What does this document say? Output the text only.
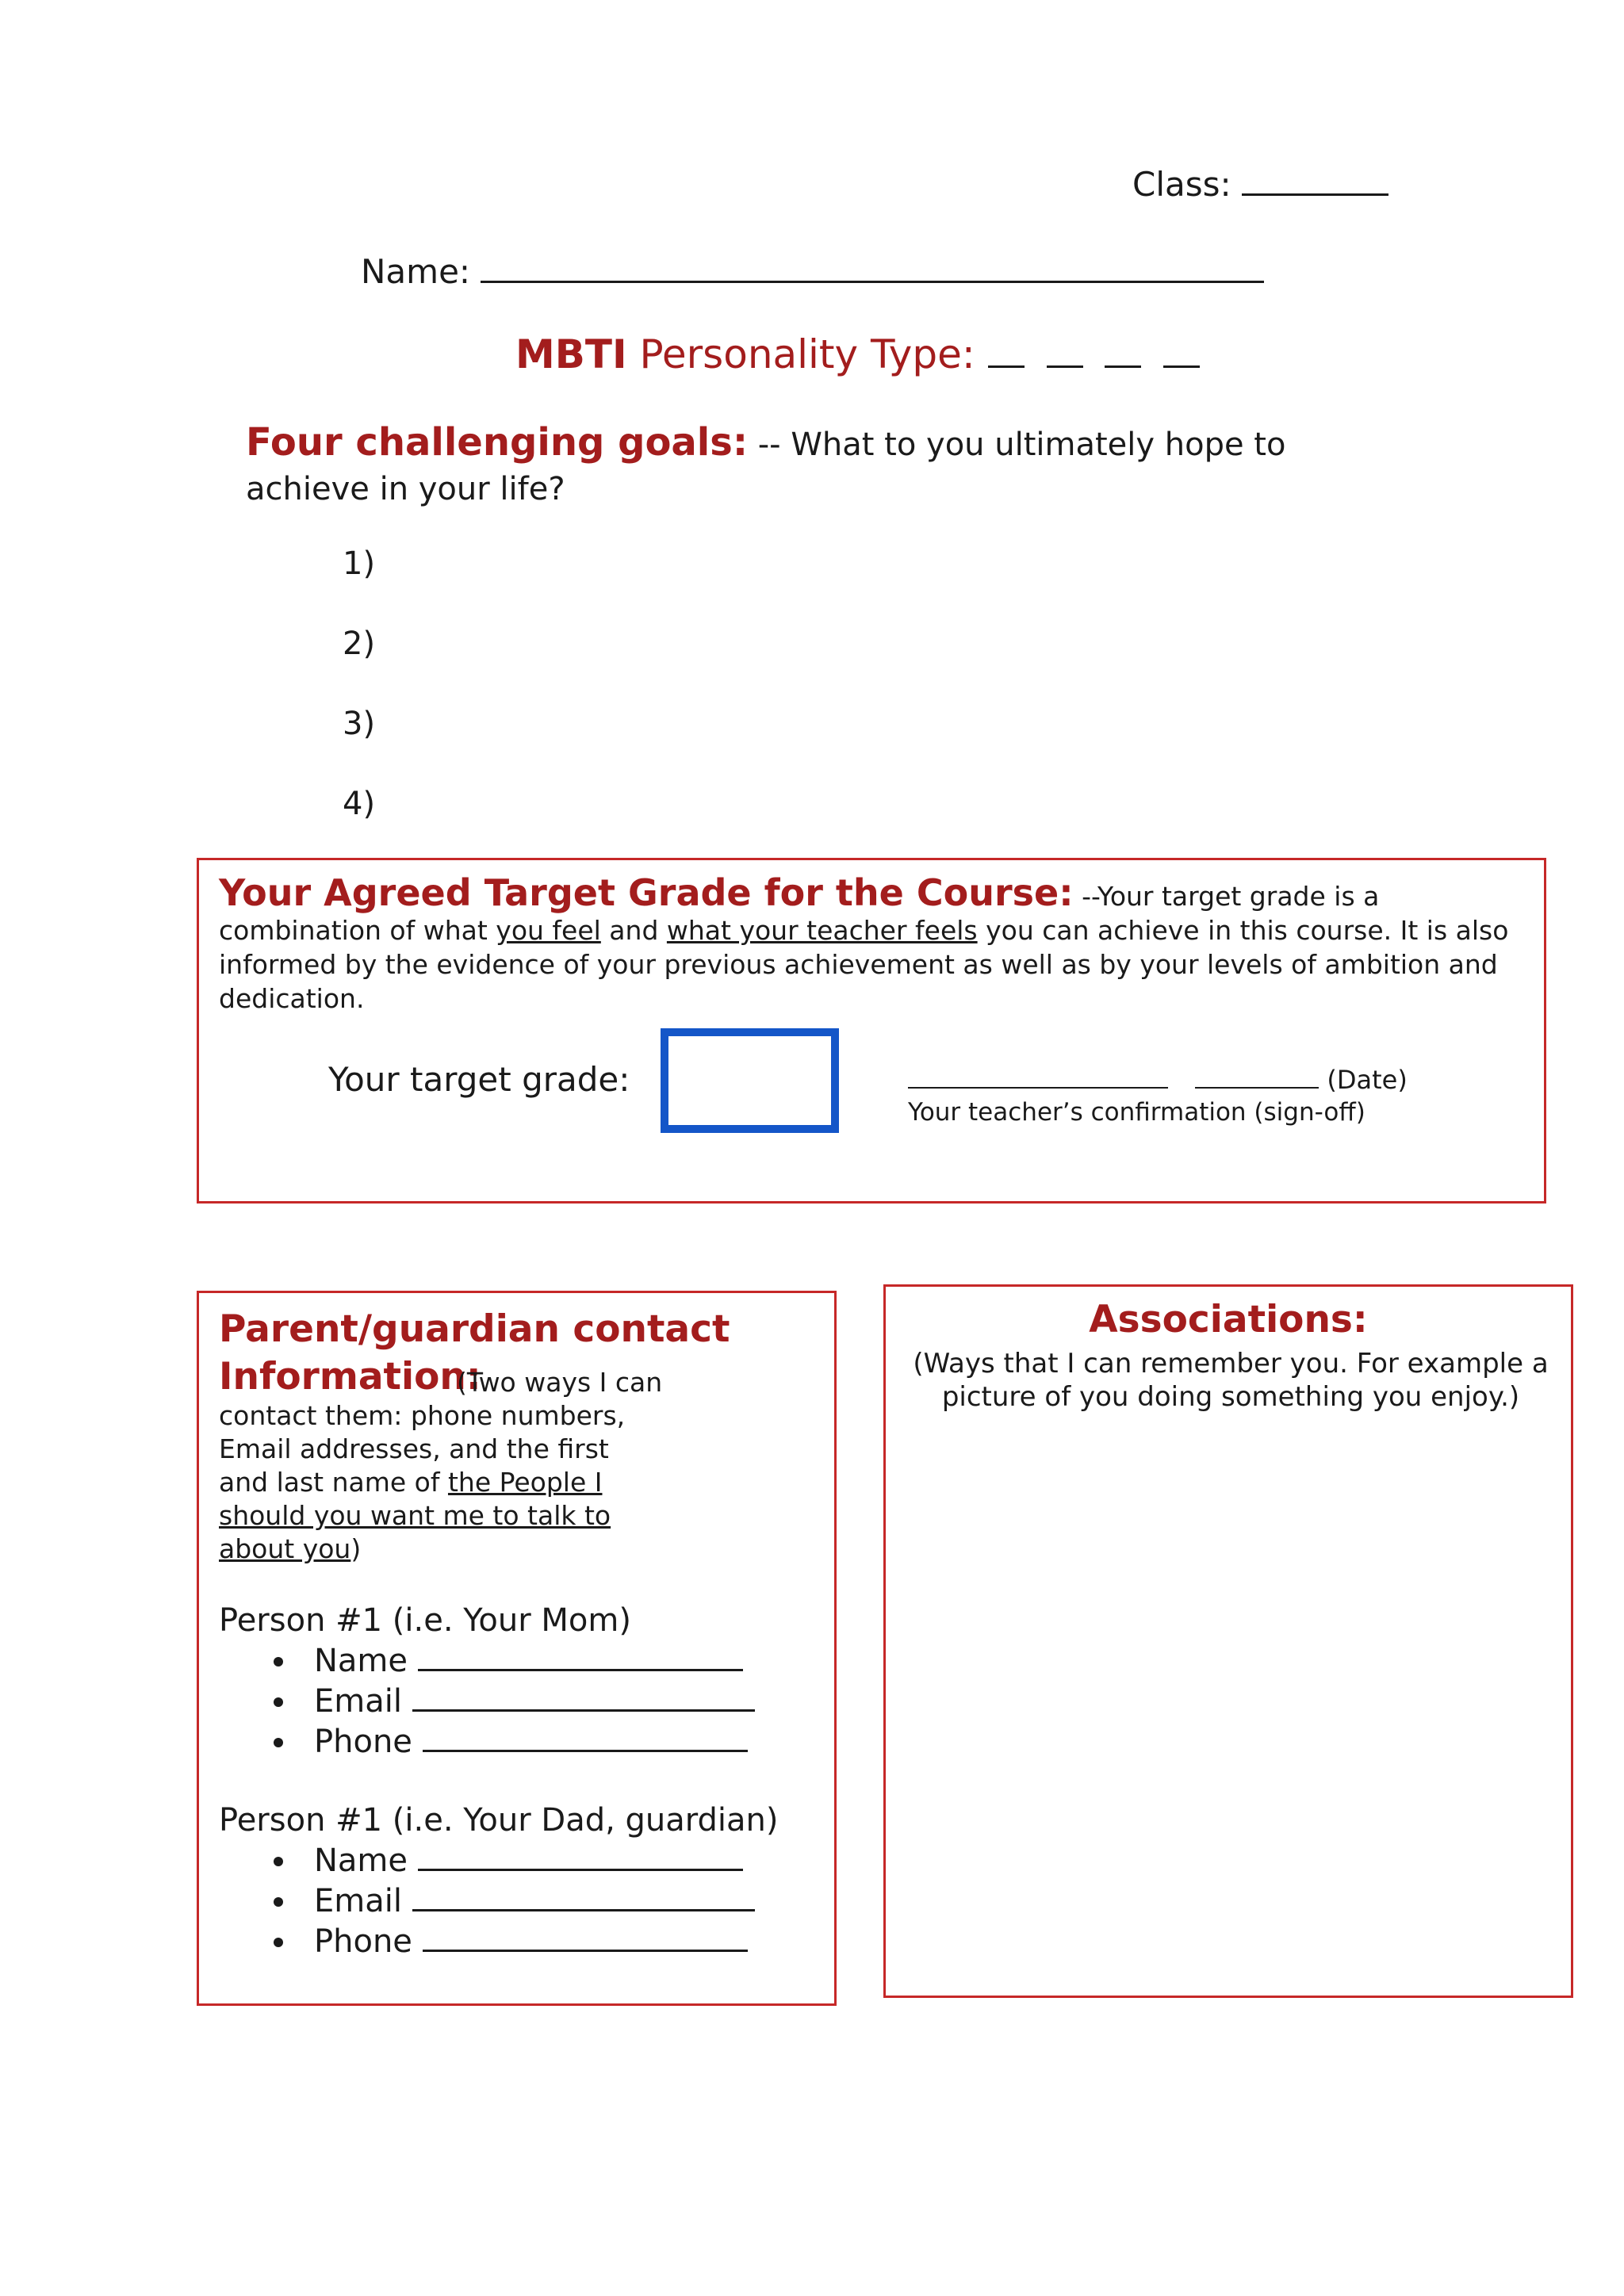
Class:
Name:
MBTI Personality Type:
Four challenging goals: -- What to you ultimately hope to achieve in your life?
1)
2)
3)
4)
Your Agreed Target Grade for the Course: --Your target grade is a combination of what you feel and what your teacher feels you can achieve in this course. It is also informed by the evidence of your previous achievement as well as by your levels of ambition and dedication.
Your target grade:	(Date)
Your teacher’s confirmation (sign-off)
Parent/guardian contact
Information:
(Two ways I can contact them: phone numbers, Email addresses, and the first and last name of the People I should you want me to talk to about you)
Person #1 (i.e. Your Mom)
• Name
• Email
• Phone
Person #1 (i.e. Your Dad, guardian)
• Name
• Email
• Phone
Associations:
(Ways that I can remember you. For example a picture of you doing something you enjoy.)
